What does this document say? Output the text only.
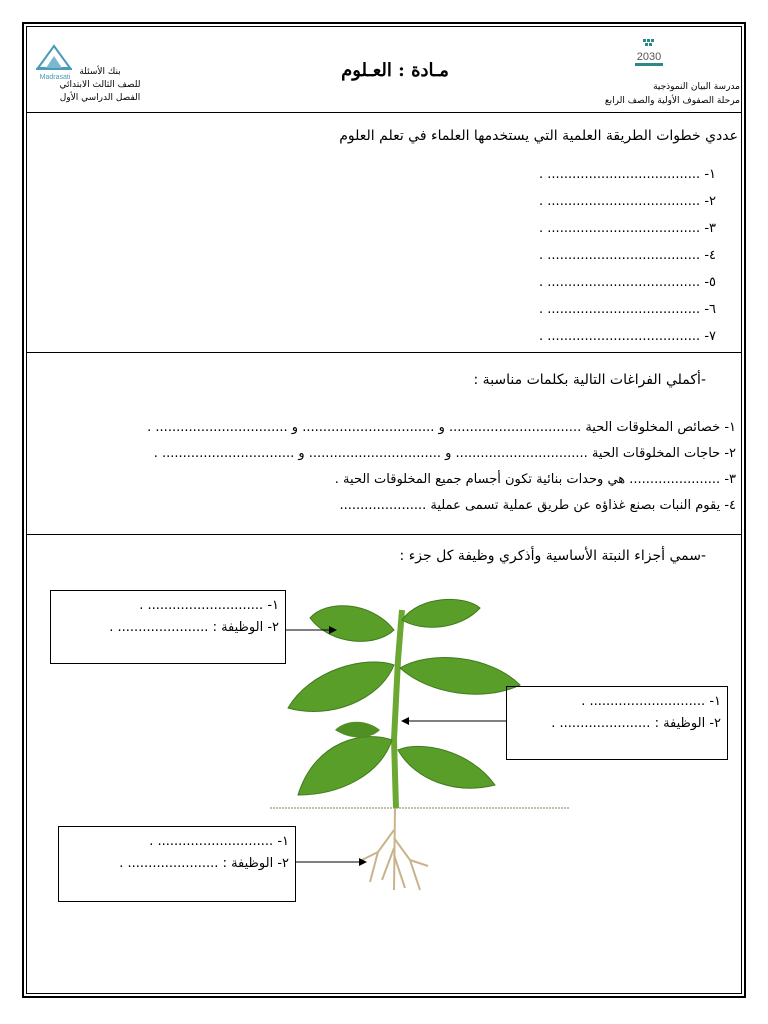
2030
مدرسة البيان النموذجية
مرحلة الصفوف الأولية والصف الرابع
مـادة : العـلوم
Madrasati
بنك الأسئلة
للصف الثالث الابتدائي
الفصل الدراسي الأول
عددي خطوات الطريقة العلمية التي يستخدمها العلماء في تعلم العلوم
١- ..................................... .
٢- ..................................... .
٣- ..................................... .
٤- ..................................... .
٥- ..................................... .
٦- ..................................... .
٧- ..................................... .
-أكملي الفراغات التالية بكلمات مناسبة :
١- خصائص المخلوقات الحية ................................ و ................................ و ................................ .
٢- حاجات المخلوقات الحية ................................ و ................................ و ................................ .
٣- ...................... هي وحدات بنائية تكون أجسام جميع المخلوقات الحية .
٤- يقوم النبات بصنع غذاؤه عن طريق عملية تسمى عملية .....................
-سمي أجزاء النبتة الأساسية وأذكري وظيفة كل جزء :
١- ............................ .
٢- الوظيفة : ...................... .
١- ............................ .
٢- الوظيفة : ...................... .
١- ............................ .
٢- الوظيفة : ...................... .
